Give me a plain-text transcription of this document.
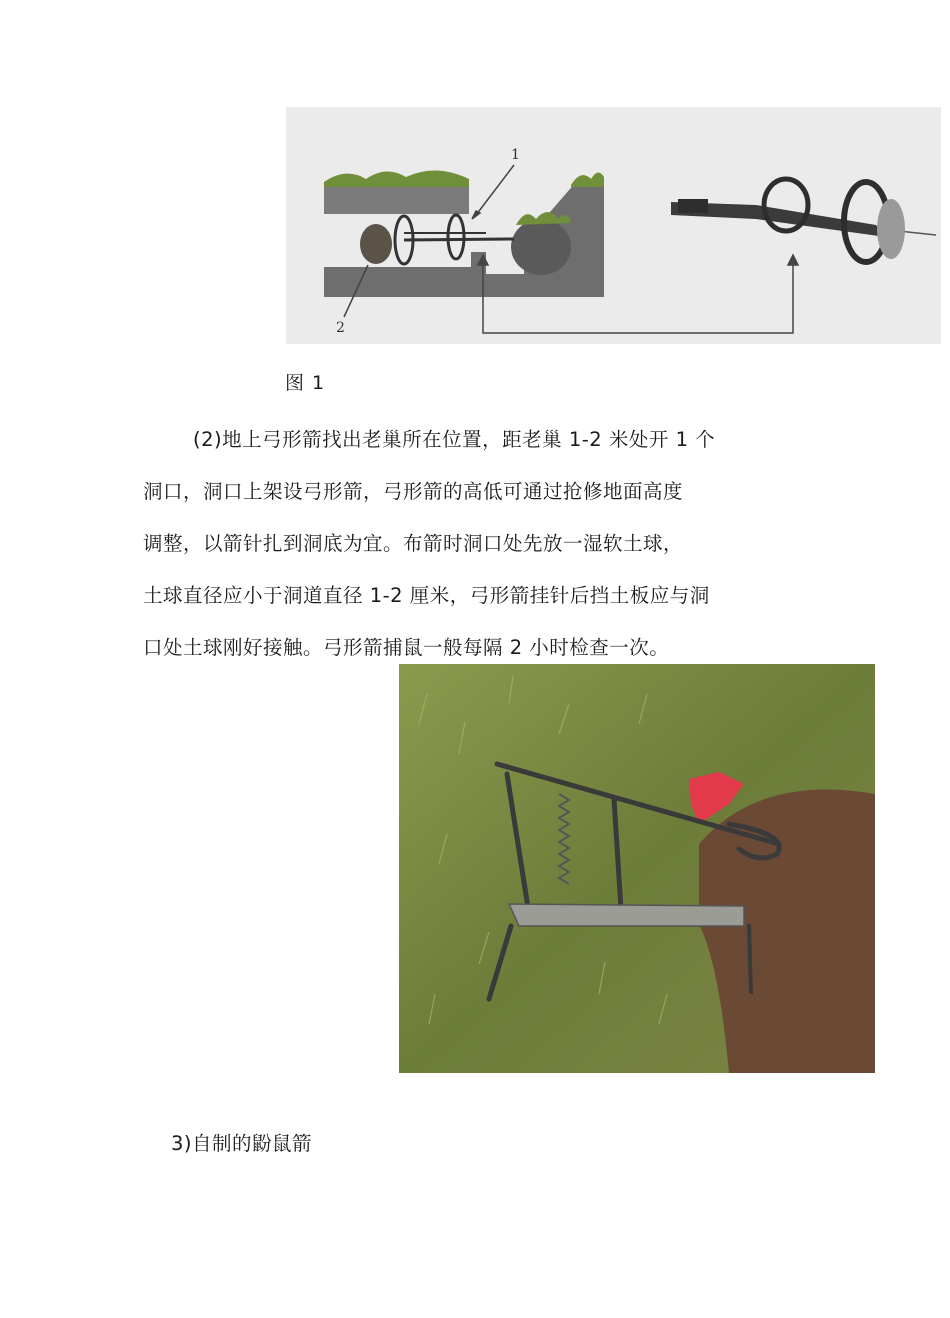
1
2
图 1

(2)地上弓形箭找出老巢所在位置，距老巢 1-2 米处开 1 个
洞口，洞口上架设弓形箭，弓形箭的高低可通过抢修地面高度
调整，以箭针扎到洞底为宜。布箭时洞口处先放一湿软土球，
土球直径应小于洞道直径 1-2 厘米，弓形箭挂针后挡土板应与洞
口处土球刚好接触。弓形箭捕鼠一般每隔 2 小时检查一次。

3)自制的鼢鼠箭
